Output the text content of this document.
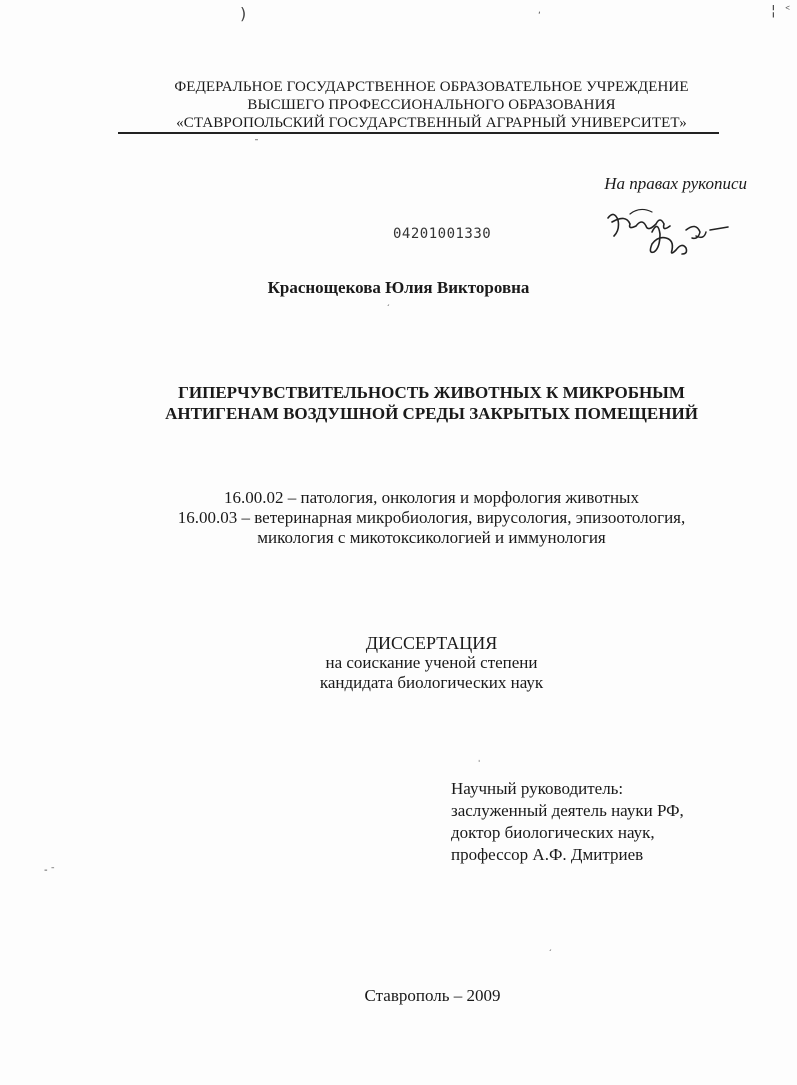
)	‘	¦ ᑉ
ˉ
ˊ
ˈ
- ᐨ
ˊ
ФЕДЕРАЛЬНОЕ ГОСУДАРСТВЕННОЕ ОБРАЗОВАТЕЛЬНОЕ УЧРЕЖДЕНИЕ
ВЫСШЕГО ПРОФЕССИОНАЛЬНОГО ОБРАЗОВАНИЯ
«СТАВРОПОЛЬСКИЙ ГОСУДАРСТВЕННЫЙ АГРАРНЫЙ УНИВЕРСИТЕТ»
На правах рукописи
04201001330
Краснощекова Юлия Викторовна
ГИПЕРЧУВСТВИТЕЛЬНОСТЬ ЖИВОТНЫХ К МИКРОБНЫМ
АНТИГЕНАМ ВОЗДУШНОЙ СРЕДЫ ЗАКРЫТЫХ ПОМЕЩЕНИЙ
16.00.02 – патология, онкология и морфология животных
16.00.03 – ветеринарная микробиология, вирусология, эпизоотология,
микология с микотоксикологией и иммунология
ДИССЕРТАЦИЯ
на соискание ученой степени
кандидата биологических наук
Научный руководитель:
заслуженный деятель науки РФ,
доктор биологических наук,
профессор А.Ф. Дмитриев
Ставрополь – 2009
